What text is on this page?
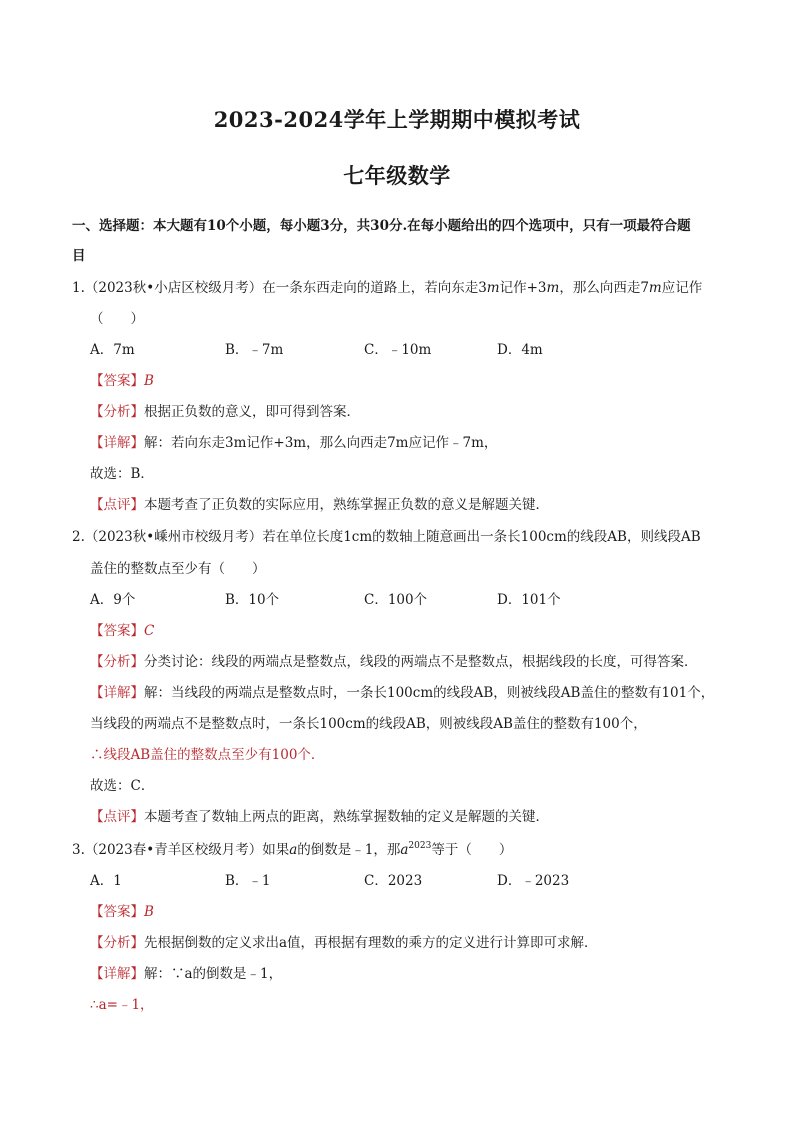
2023-2024学年上学期期中模拟考试
七年级数学
一、选择题：本大题有10个小题，每小题3分，共30分.在每小题给出的四个选项中，只有一项最符合题
目
1.（2023秋•小店区校级月考）在一条东西走向的道路上，若向东走3m记作+3m，那么向西走7m应记作
（　　）
A．7m	B．﹣7m	C．﹣10m	D．4m
【答案】B
【分析】根据正负数的意义，即可得到答案．
【详解】解：若向东走3m记作+3m，那么向西走7m应记作﹣7m，
故选：B．
【点评】本题考查了正负数的实际应用，熟练掌握正负数的意义是解题关键．
2.（2023秋•嵊州市校级月考）若在单位长度1cm的数轴上随意画出一条长100cm的线段AB，则线段AB
盖住的整数点至少有（　　）
A．9个	B．10个	C．100个	D．101个
【答案】C
【分析】分类讨论：线段的两端点是整数点，线段的两端点不是整数点，根据线段的长度，可得答案．
【详解】解：当线段的两端点是整数点时，一条长100cm的线段AB，则被线段AB盖住的整数有101个，
当线段的两端点不是整数点时，一条长100cm的线段AB，则被线段AB盖住的整数有100个，
∴线段AB盖住的整数点至少有100个．
故选：C．
【点评】本题考查了数轴上两点的距离，熟练掌握数轴的定义是解题的关键．
3.（2023春•青羊区校级月考）如果a的倒数是﹣1，那$a^{2023}$等于（　　）
A．1	B．﹣1	C．2023	D．﹣2023
【答案】B
【分析】先根据倒数的定义求出a值，再根据有理数的乘方的定义进行计算即可求解．
【详解】解：∵a的倒数是﹣1，
∴a=﹣1，
